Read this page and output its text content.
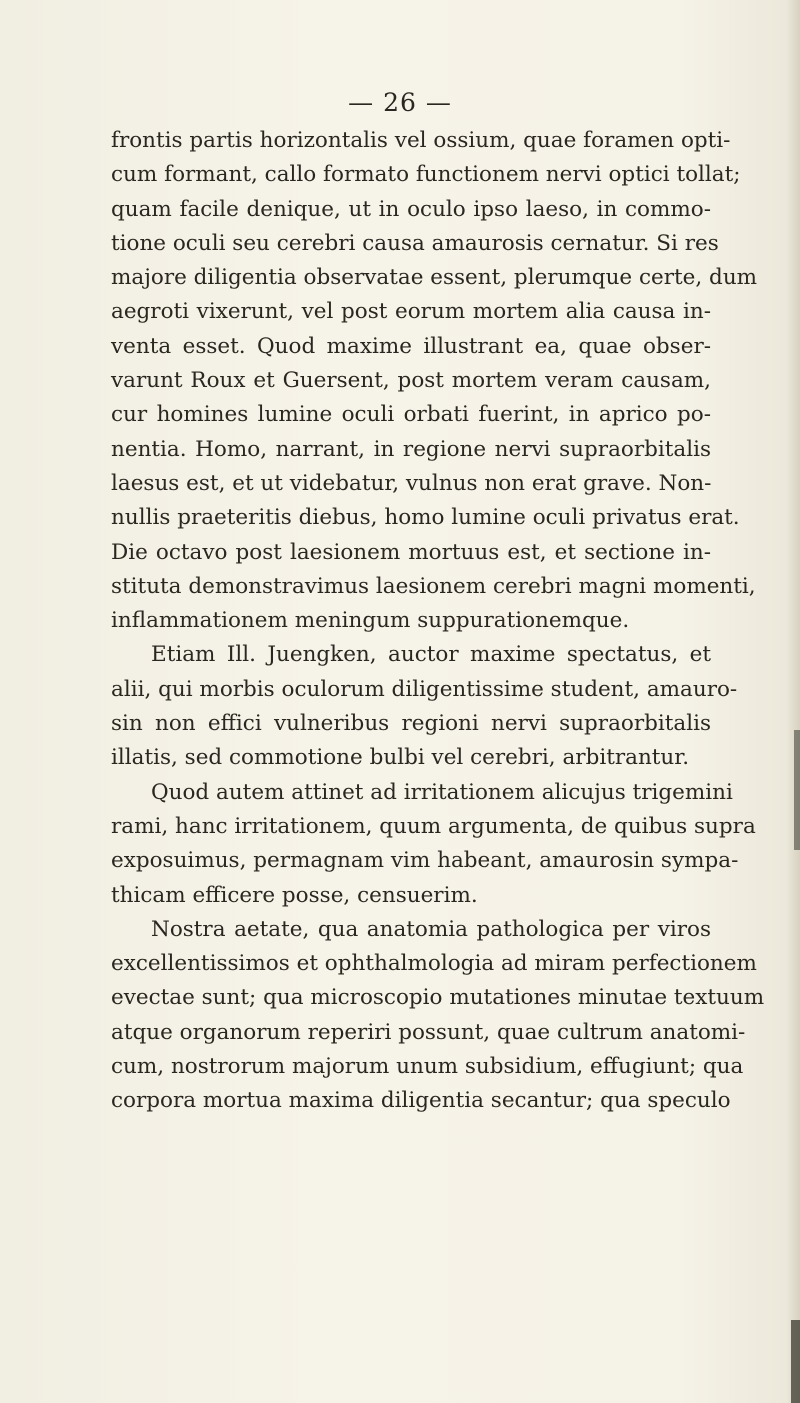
— 26 —
frontis partis horizontalis vel ossium, quae foramen opti-
cum formant, callo formato functionem nervi optici tollat;
quam facile denique, ut in oculo ipso laeso, in commo-
tione oculi seu cerebri causa amaurosis cernatur. Si res
majore diligentia observatae essent, plerumque certe, dum
aegroti vixerunt, vel post eorum mortem alia causa in-
venta esset. Quod maxime illustrant ea, quae obser-
varunt Roux et Guersent, post mortem veram causam,
cur homines lumine oculi orbati fuerint, in aprico po-
nentia. Homo, narrant, in regione nervi supraorbitalis
laesus est, et ut videbatur, vulnus non erat grave. Non-
nullis praeteritis diebus, homo lumine oculi privatus erat.
Die octavo post laesionem mortuus est, et sectione in-
stituta demonstravimus laesionem cerebri magni momenti,
inflammationem meningum suppurationemque.
Etiam Ill. Juengken, auctor maxime spectatus, et
alii, qui morbis oculorum diligentissime student, amauro-
sin non effici vulneribus regioni nervi supraorbitalis
illatis, sed commotione bulbi vel cerebri, arbitrantur.
Quod autem attinet ad irritationem alicujus trigemini
rami, hanc irritationem, quum argumenta, de quibus supra
exposuimus, permagnam vim habeant, amaurosin sympa-
thicam efficere posse, censuerim.
Nostra aetate, qua anatomia pathologica per viros
excellentissimos et ophthalmologia ad miram perfectionem
evectae sunt; qua microscopio mutationes minutae textuum
atque organorum reperiri possunt, quae cultrum anatomi-
cum, nostrorum majorum unum subsidium, effugiunt; qua
corpora mortua maxima diligentia secantur; qua speculo
